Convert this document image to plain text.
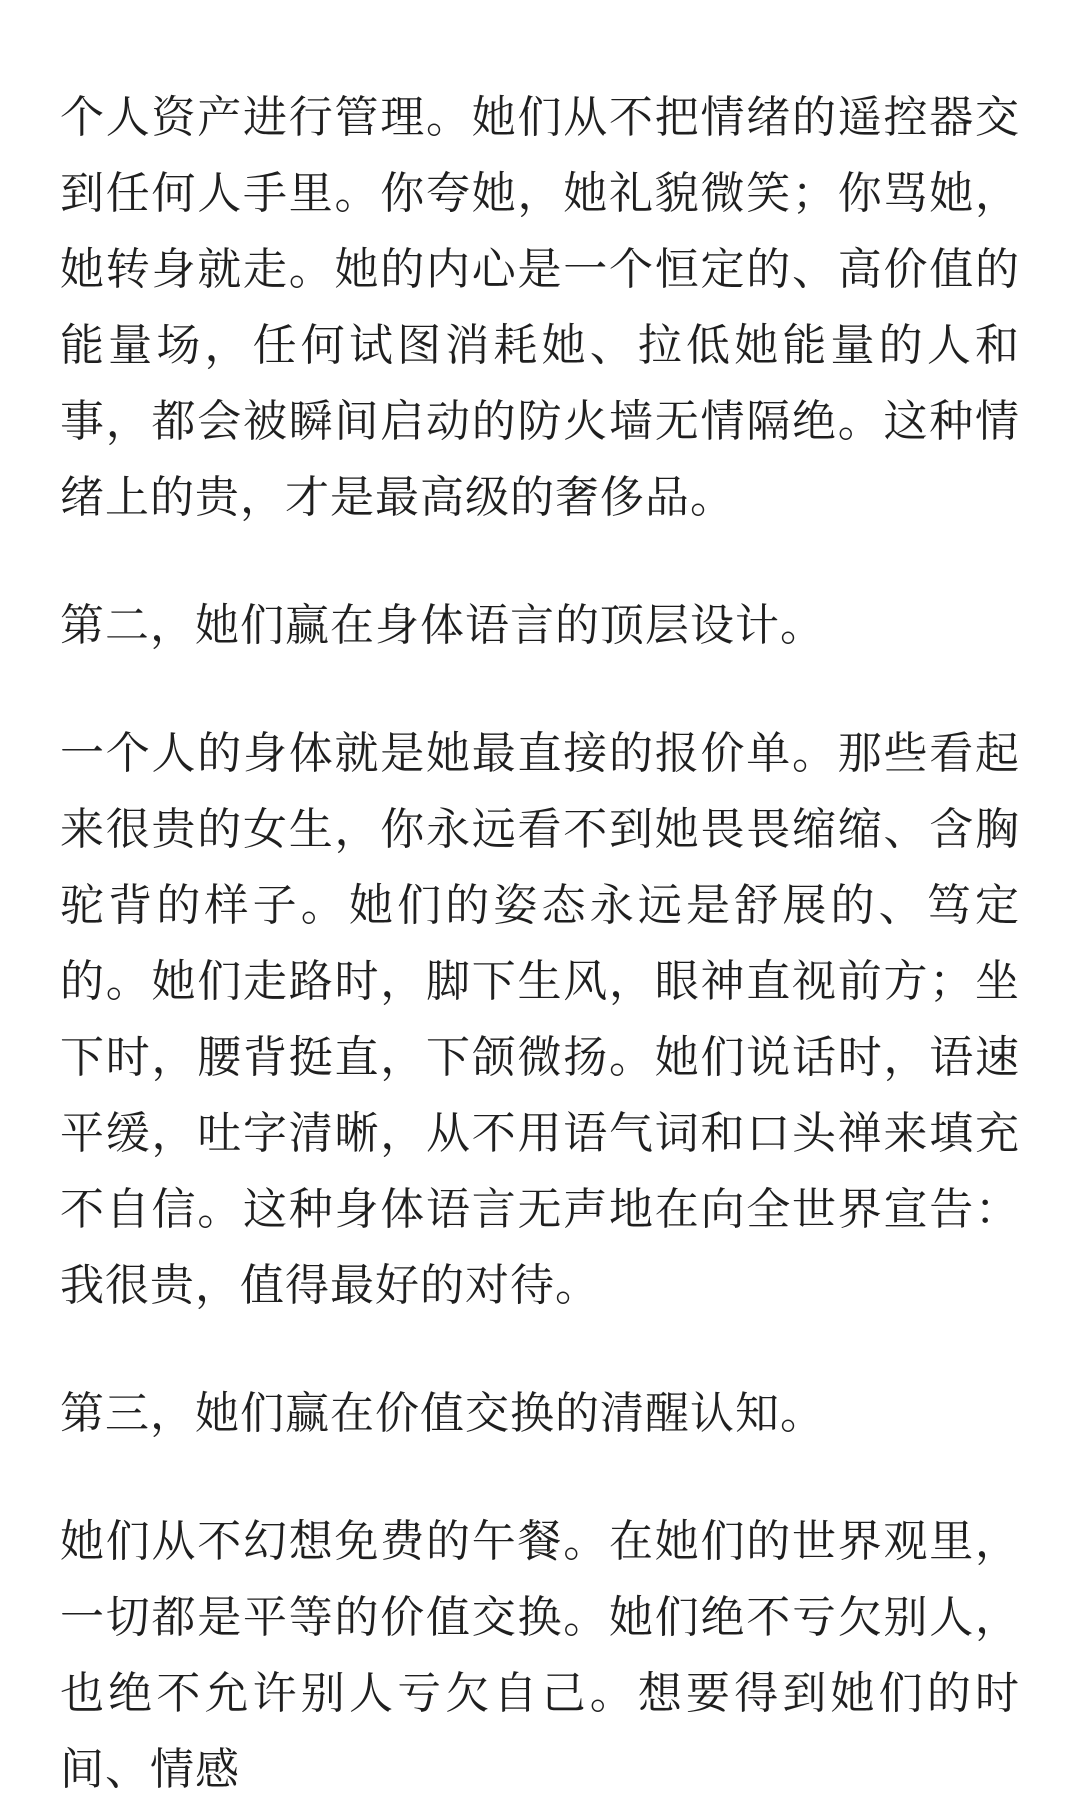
个人资产进行管理。她们从不把情绪的遥控器交到任何人手里。你夸她，她礼貌微笑；你骂她，她转身就走。她的内心是一个恒定的、高价值的能量场，任何试图消耗她、拉低她能量的人和事，都会被瞬间启动的防火墙无情隔绝。这种情绪上的贵，才是最高级的奢侈品。

第二，她们赢在身体语言的顶层设计。

一个人的身体就是她最直接的报价单。那些看起来很贵的女生，你永远看不到她畏畏缩缩、含胸驼背的样子。她们的姿态永远是舒展的、笃定的。她们走路时，脚下生风，眼神直视前方；坐下时，腰背挺直，下颌微扬。她们说话时，语速平缓，吐字清晰，从不用语气词和口头禅来填充不自信。这种身体语言无声地在向全世界宣告：我很贵，值得最好的对待。

第三，她们赢在价值交换的清醒认知。

她们从不幻想免费的午餐。在她们的世界观里，一切都是平等的价值交换。她们绝不亏欠别人，也绝不允许别人亏欠自己。想要得到她们的时间、情感
